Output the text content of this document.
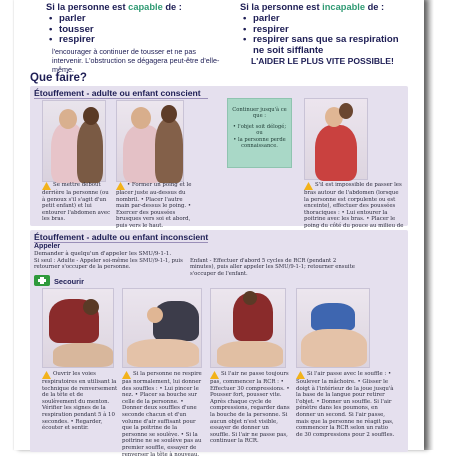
Si la personne est capable de :
• parler
• tousser
• respirer
l'encourager à continuer de tousser et ne pas intervenir. L'obstruction se dégagera peut-être d'elle-même.
Si la personne est incapable de :
• parler
• respirer
• respirer sans que sa respiration ne soit sifflante
L'AIDER LE PLUS VITE POSSIBLE!
Que faire?
Étouffement - adulte ou enfant conscient
Continuer jusqu'à ce que :
• l'objet soit délogé;
ou
• la personne perde connaissance.
Se mettre debout derrière la personne (ou à genoux s'il s'agit d'un petit enfant) et lui entourer l'abdomen avec les bras.
• Former un poing et le placer juste au-dessus du nombril. • Placer l'autre main par-dessus le poing. • Exercer des poussées brusques vers soi et abord, puis vers le haut.
S'il est impossible de passer les bras autour de l'abdomen (lorsque la personne est corpulente ou est enceinte), effectuer des poussées thoraciques : • Lui entourer la poitrine avec les bras. • Placer le poing du côté du pouce au milieu de
Étouffement - adulte ou enfant inconscient
Appeler
Demander à quelqu'un d'appeler les SMU/9-1-1.
Si seul : Adulte - Appeler soi-même les SMU/9-1-1, puis retourner s'occuper de la personne.
Enfant - Effectuer d'abord 5 cycles de RCR (pendant 2 minutes), puis aller appeler les SMU/9-1-1; retourner ensuite s'occuper de l'enfant.
Secourir
Ouvrir les voies respiratoires en utilisant la technique de renversement de la tête et de soulèvement du menton. Vérifier les signes de la respiration pendant 5 à 10 secondes. • Regarder, écouter et sentir.
Si la personne ne respire pas normalement, lui donner des souffles : • Lui pincer le nez. • Placer sa bouche sur celle de la personne. • Donner deux souffles d'une seconde chacun et d'un volume d'air suffisant pour que la poitrine de la personne se soulève. • Si la poitrine ne se soulève pas au premier souffle, essayer de renverser la tête à nouveau.
Si l'air ne passe toujours pas, commencer la RCR : • Effectuer 30 compressions. • Pousser fort, pousser vite. Après chaque cycle de compressions, regarder dans la bouche de la personne. Si aucun objet n'est visible, essayer de donner un souffle. Si l'air ne passe pas, continuer la RCR.
Si l'air passe avec le souffle : • Soulever la mâchoire. • Glisser le doigt à l'intérieur de la joue jusqu'à la base de la langue pour retirer l'objet. • Donner un souffle. Si l'air pénètre dans les poumons, en donner un second. Si l'air passe, mais que la personne ne réagit pas, commencer la RCR selon un ratio de 30 compressions pour 2 souffles.
